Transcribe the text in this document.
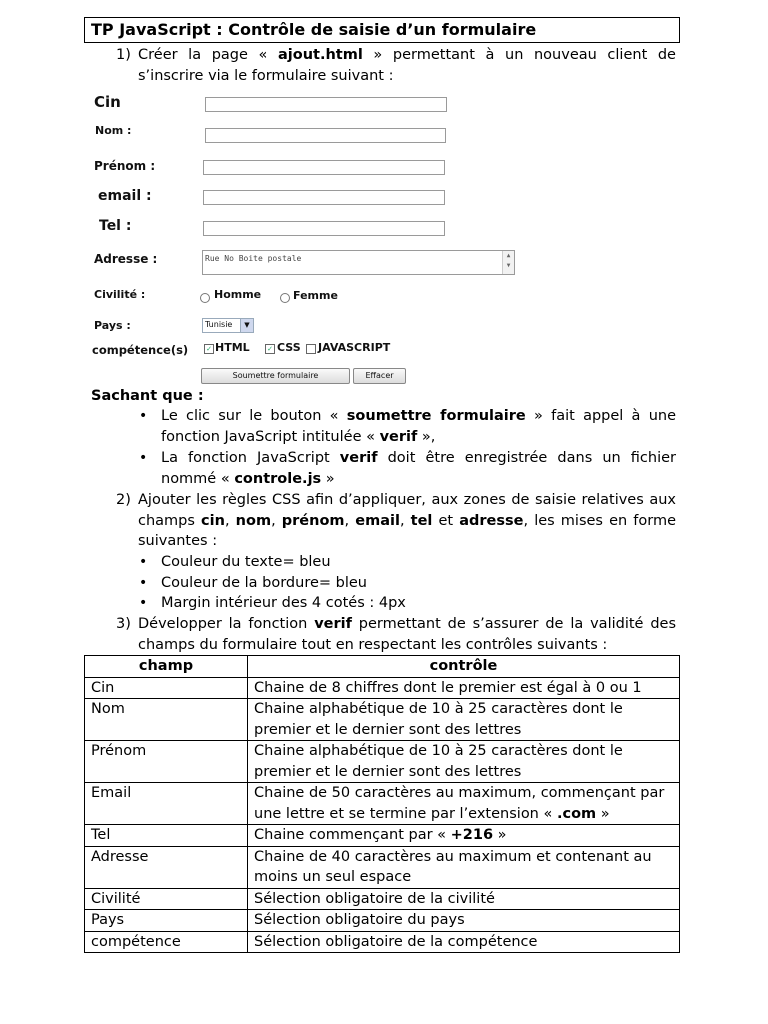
TP JavaScript : Contrôle de saisie d’un formulaire
1) Créer la page « ajout.html » permettant à un nouveau client de s’inscrire via le formulaire suivant :
Cin
Nom :
Prénom :
email :
Tel :
Adresse :	Rue No Boite postale	▲
▼
Civilité :	Homme	Femme
Pays :	Tunisie	▼
compétence(s)	✓ HTML ✓ CSS JAVASCRIPT
Soumettre formulaire	Effacer
Sachant que :
• Le clic sur le bouton « soumettre formulaire » fait appel à une fonction JavaScript intitulée « verif »,
• La fonction JavaScript verif doit être enregistrée dans un fichier nommé « controle.js »
2) Ajouter les règles CSS afin d’appliquer, aux zones de saisie relatives aux champs cin, nom, prénom, email, tel et adresse, les mises en forme suivantes :
• Couleur du texte= bleu
• Couleur de la bordure= bleu
• Margin intérieur des 4 cotés : 4px
3) Développer la fonction verif permettant de s’assurer de la validité des champs du formulaire tout en respectant les contrôles suivants :
champ	contrôle
Cin	Chaine de 8 chiffres dont le premier est égal à 0 ou 1
Nom	Chaine alphabétique de 10 à 25 caractères dont le premier et le dernier sont des lettres
Prénom	Chaine alphabétique de 10 à 25 caractères dont le premier et le dernier sont des lettres
Email	Chaine de 50 caractères au maximum, commençant par une lettre et se termine par l’extension « .com »
Tel	Chaine commençant par « +216 »
Adresse	Chaine de 40 caractères au maximum et contenant au moins un seul espace
Civilité	Sélection obligatoire de la civilité
Pays	Sélection obligatoire du pays
compétence	Sélection obligatoire de la compétence
